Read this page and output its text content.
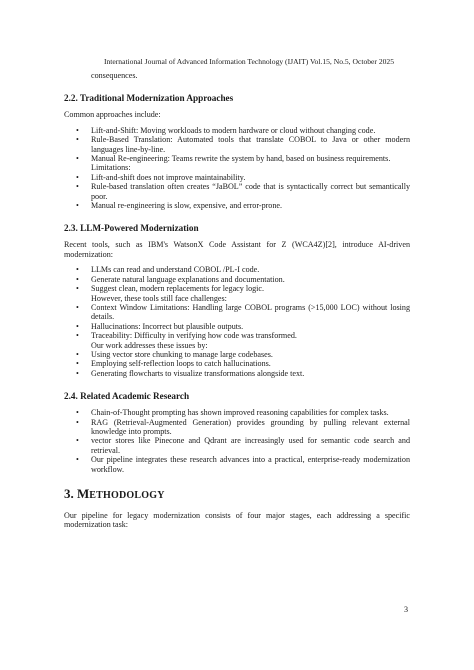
International Journal of Advanced Information Technology (IJAIT) Vol.15, No.5, October 2025

consequences.

2.2. Traditional Modernization Approaches

Common approaches include:

• Lift-and-Shift: Moving workloads to modern hardware or cloud without changing code.
• Rule-Based Translation: Automated tools that translate COBOL to Java or other modern languages line-by-line.
• Manual Re-engineering: Teams rewrite the system by hand, based on business requirements.
Limitations:
• Lift-and-shift does not improve maintainability.
• Rule-based translation often creates “JaBOL” code that is syntactically correct but semantically poor.
• Manual re-engineering is slow, expensive, and error-prone.
2.3. LLM-Powered Modernization

Recent tools, such as IBM's WatsonX Code Assistant for Z (WCA4Z)[2], introduce AI-driven modernization:

• LLMs can read and understand COBOL /PL-I code.
• Generate natural language explanations and documentation.
• Suggest clean, modern replacements for legacy logic.
However, these tools still face challenges:
• Context Window Limitations: Handling large COBOL programs (>15,000 LOC) without losing details.
• Hallucinations: Incorrect but plausible outputs.
• Traceability: Difficulty in verifying how code was transformed.
Our work addresses these issues by:
• Using vector store chunking to manage large codebases.
• Employing self-reflection loops to catch hallucinations.
• Generating flowcharts to visualize transformations alongside text.
2.4. Related Academic Research
• Chain-of-Thought prompting has shown improved reasoning capabilities for complex tasks.
• RAG (Retrieval-Augmented Generation) provides grounding by pulling relevant external knowledge into prompts.
• vector stores like Pinecone and Qdrant are increasingly used for semantic code search and retrieval.
• Our pipeline integrates these research advances into a practical, enterprise-ready modernization workflow.
3. METHODOLOGY

Our pipeline for legacy modernization consists of four major stages, each addressing a specific modernization task:

3
